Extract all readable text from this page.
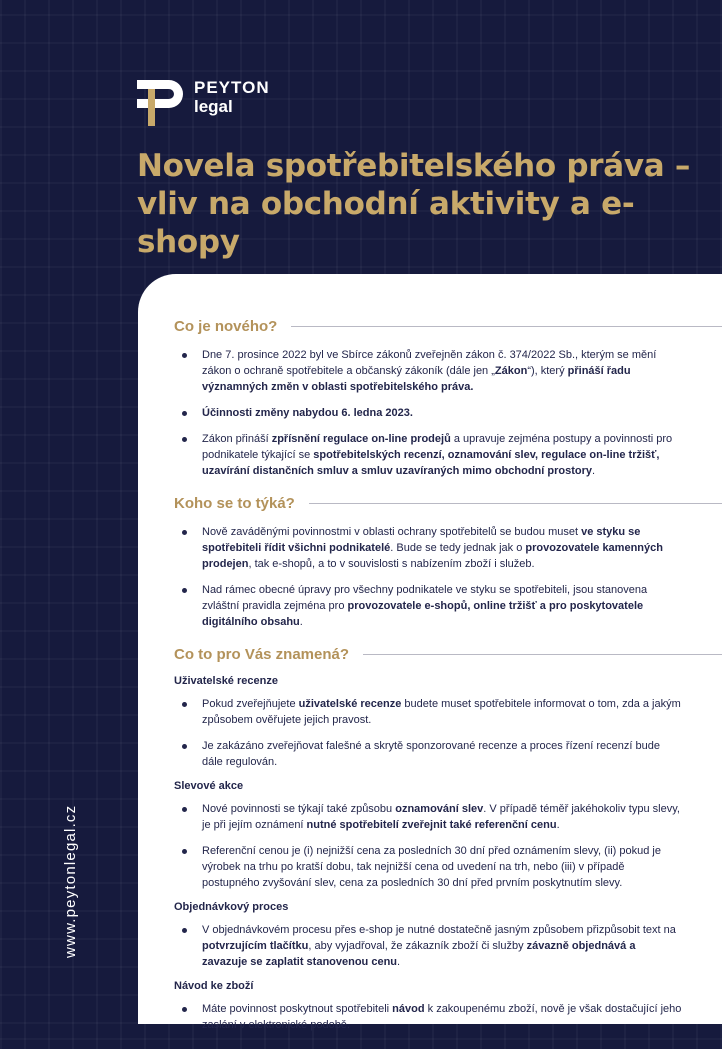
PEYTON
legal
Novela spotřebitelského práva – vliv na obchodní aktivity a e-shopy
www.peytonlegal.cz
Co je nového?
Dne 7. prosince 2022 byl ve Sbírce zákonů zveřejněn zákon č. 374/2022 Sb., kterým se mění zákon o ochraně spotřebitele a občanský zákoník (dále jen „Zákon“), který přináší řadu významných změn v oblasti spotřebitelského práva.
Účinnosti změny nabydou 6. ledna 2023.
Zákon přináší zpřísnění regulace on-line prodejů a upravuje zejména postupy a povinnosti pro podnikatele týkající se spotřebitelských recenzí, oznamování slev, regulace on-line tržišť, uzavírání distančních smluv a smluv uzavíraných mimo obchodní prostory.
Koho se to týká?
Nově zaváděnými povinnostmi v oblasti ochrany spotřebitelů se budou muset ve styku se spotřebiteli řídit všichni podnikatelé. Bude se tedy jednak jak o provozovatele kamenných prodejen, tak e-shopů, a to v souvislosti s nabízením zboží i služeb.
Nad rámec obecné úpravy pro všechny podnikatele ve styku se spotřebiteli, jsou stanovena zvláštní pravidla zejména pro provozovatele e-shopů, online tržišť a pro poskytovatele digitálního obsahu.
Co to pro Vás znamená?
Uživatelské recenze
Pokud zveřejňujete uživatelské recenze budete muset spotřebitele informovat o tom, zda a jakým způsobem ověřujete jejich pravost.
Je zakázáno zveřejňovat falešné a skrytě sponzorované recenze a proces řízení recenzí bude dále regulován.
Slevové akce
Nové povinnosti se týkají také způsobu oznamování slev. V případě téměř jakéhokoliv typu slevy, je při jejím oznámení nutné spotřebitelí zveřejnit také referenční cenu.
Referenční cenou je (i) nejnižší cena za posledních 30 dní před oznámením slevy, (ii) pokud je výrobek na trhu po kratší dobu, tak nejnižší cena od uvedení na trh, nebo (iii) v případě postupného zvyšování slev, cena za posledních 30 dní před prvním poskytnutím slevy.
Objednávkový proces
V objednávkovém procesu přes e-shop je nutné dostatečně jasným způsobem přizpůsobit text na potvrzujícím tlačítku, aby vyjadřoval, že zákazník zboží či služby závazně objednává a zavazuje se zaplatit stanovenou cenu.
Návod ke zboží
Máte povinnost poskytnout spotřebiteli návod k zakoupenému zboží, nově je však dostačující jeho zaslání v elektronické podobě.
